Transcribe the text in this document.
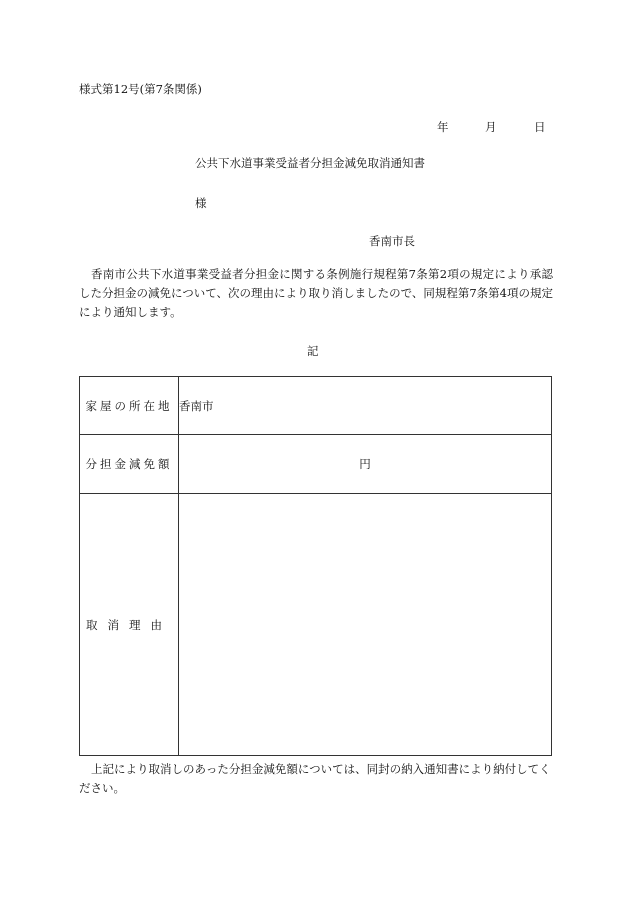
様式第12号(第7条関係)
年	月	日
公共下水道事業受益者分担金減免取消通知書
様
香南市長
香南市公共下水道事業受益者分担金に関する条例施行規程第7条第2項の規定により承認した分担金の減免について、次の理由により取り消しましたので、同規程第7条第4項の規定により通知します。
記
家屋の所在地	香南市
分担金減免額	円
取消理由	
上記により取消しのあった分担金減免額については、同封の納入通知書により納付してください。
